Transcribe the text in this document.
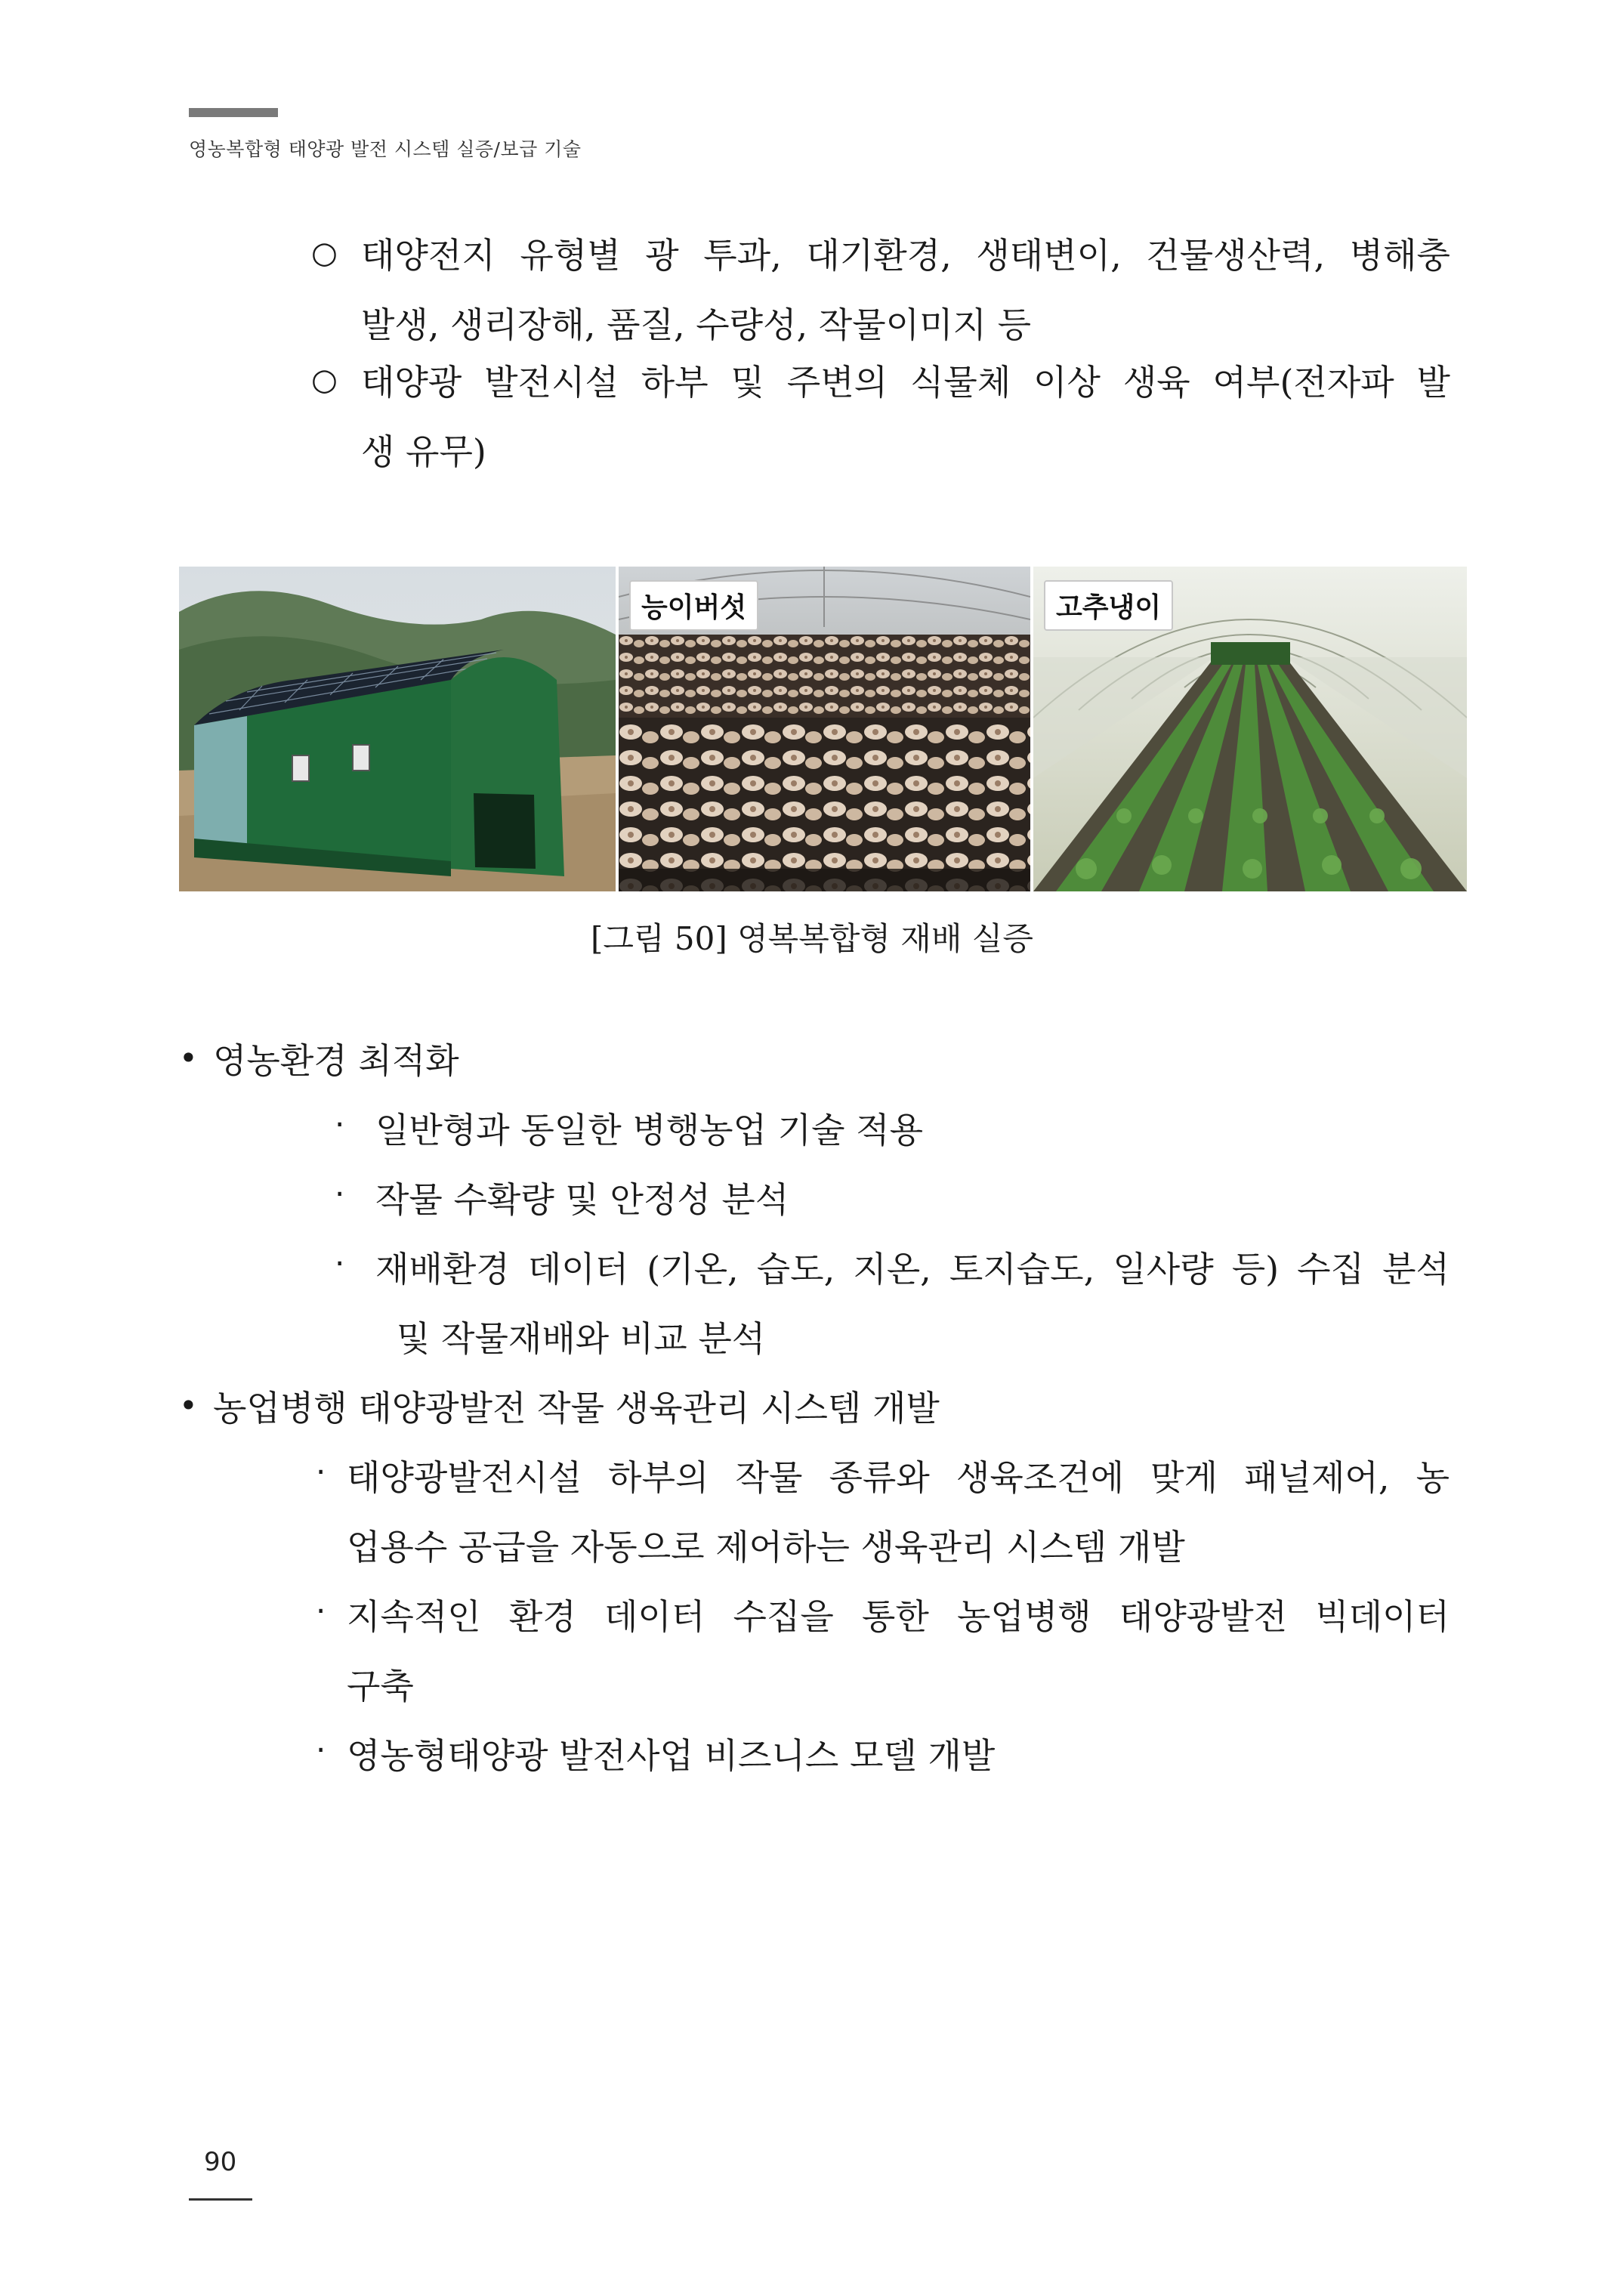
영농복합형 태양광 발전 시스템 실증/보급 기술
○ 태양전지 유형별 광 투과, 대기환경, 생태변이, 건물생산력, 병해충
발생, 생리장해, 품질, 수량성, 작물이미지 등
○ 태양광 발전시설 하부 및 주변의 식물체 이상 생육 여부(전자파 발
생 유무)
능이버섯	고추냉이
[그림 50] 영복복합형 재배 실증
• 영농환경 최적화
· 일반형과 동일한 병행농업 기술 적용
· 작물 수확량 및 안정성 분석
· 재배환경 데이터 (기온, 습도, 지온, 토지습도, 일사량 등) 수집 분석
및 작물재배와 비교 분석
• 농업병행 태양광발전 작물 생육관리 시스템 개발
· 태양광발전시설 하부의 작물 종류와 생육조건에 맞게 패널제어, 농
업용수 공급을 자동으로 제어하는 생육관리 시스템 개발
· 지속적인 환경 데이터 수집을 통한 농업병행 태양광발전 빅데이터
구축
. 영농형태양광 발전사업 비즈니스 모델 개발
90
